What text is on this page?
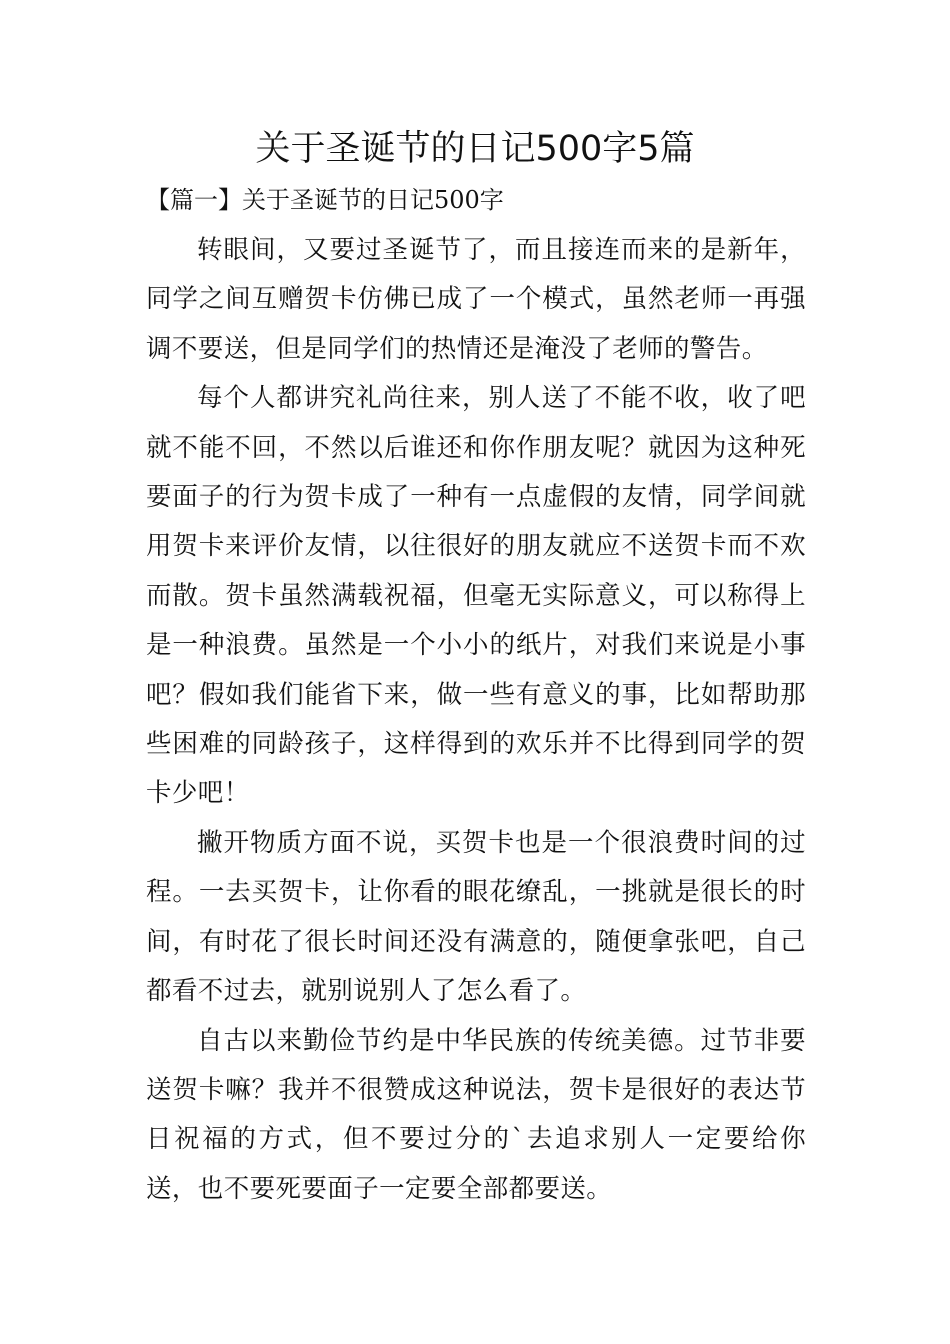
关于圣诞节的日记500字5篇
【篇一】关于圣诞节的日记500字

转眼间，又要过圣诞节了，而且接连而来的是新年，同学之间互赠贺卡仿佛已成了一个模式，虽然老师一再强调不要送，但是同学们的热情还是淹没了老师的警告。

每个人都讲究礼尚往来，别人送了不能不收，收了吧就不能不回，不然以后谁还和你作朋友呢？就因为这种死要面子的行为贺卡成了一种有一点虚假的友情，同学间就用贺卡来评价友情，以往很好的朋友就应不送贺卡而不欢而散。贺卡虽然满载祝福，但毫无实际意义，可以称得上是一种浪费。虽然是一个小小的纸片，对我们来说是小事吧？假如我们能省下来，做一些有意义的事，比如帮助那些困难的同龄孩子，这样得到的欢乐并不比得到同学的贺卡少吧！

撇开物质方面不说，买贺卡也是一个很浪费时间的过程。一去买贺卡，让你看的眼花缭乱，一挑就是很长的时间，有时花了很长时间还没有满意的，随便拿张吧，自己都看不过去，就别说别人了怎么看了。

自古以来勤俭节约是中华民族的传统美德。过节非要送贺卡嘛？我并不很赞成这种说法，贺卡是很好的表达节日祝福的方式，但不要过分的`去追求别人一定要给你送，也不要死要面子一定要全部都要送。
